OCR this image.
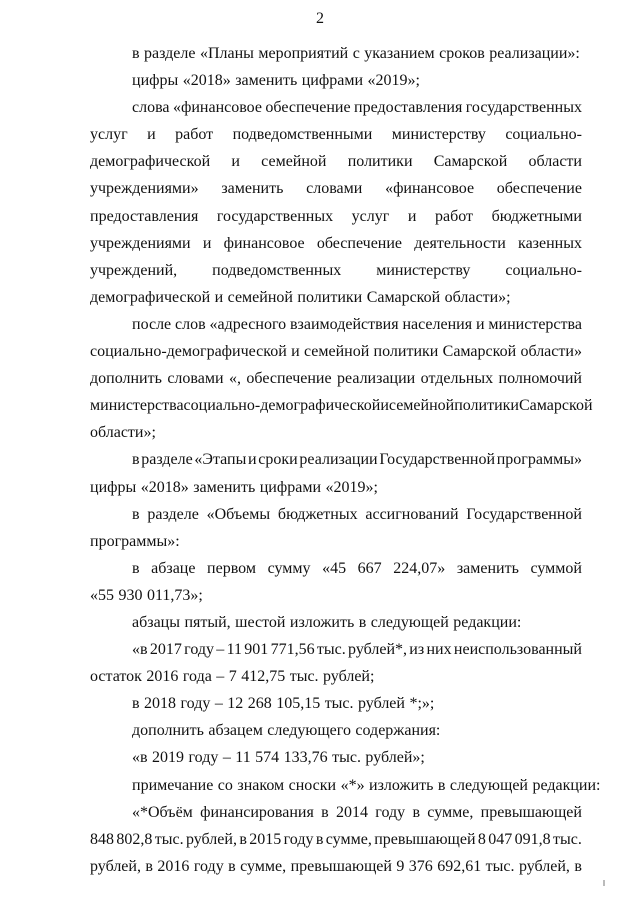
2
в разделе «Планы мероприятий с указанием сроков реализации»:
цифры «2018» заменить цифрами «2019»;
слова «финансовое обеспечение предоставления государственных
услуг и работ подведомственными министерству социально-
демографической и семейной политики Самарской области
учреждениями» заменить словами «финансовое обеспечение
предоставления государственных услуг и работ бюджетными
учреждениями и финансовое обеспечение деятельности казенных
учреждений, подведомственных министерству социально-
демографической и семейной политики Самарской области»;
после слов «адресного взаимодействия населения и министерства
социально-демографической и семейной политики Самарской области»
дополнить словами «, обеспечение реализации отдельных полномочий
министерства социально-демографической и семейной политики Самарской
области»;
в разделе «Этапы и сроки реализации Государственной программы»
цифры «2018» заменить цифрами «2019»;
в разделе «Объемы бюджетных ассигнований Государственной
программы»:
в абзаце первом сумму «45 667 224,07» заменить суммой
«55 930 011,73»;
абзацы пятый, шестой изложить в следующей редакции:
«в 2017 году – 11 901 771,56 тыс. рублей*, из них неиспользованный
остаток 2016 года – 7 412,75 тыс. рублей;
в 2018 году – 12 268 105,15 тыс. рублей *;»;
дополнить абзацем следующего содержания:
«в 2019 году – 11 574 133,76 тыс. рублей»;
примечание со знаком сноски «*» изложить в следующей редакции:
«*Объём финансирования в 2014 году в сумме, превышающей
848 802,8 тыс. рублей, в 2015 году в сумме, превышающей 8 047 091,8 тыс.
рублей, в 2016 году в сумме, превышающей 9 376 692,61 тыс. рублей, в
